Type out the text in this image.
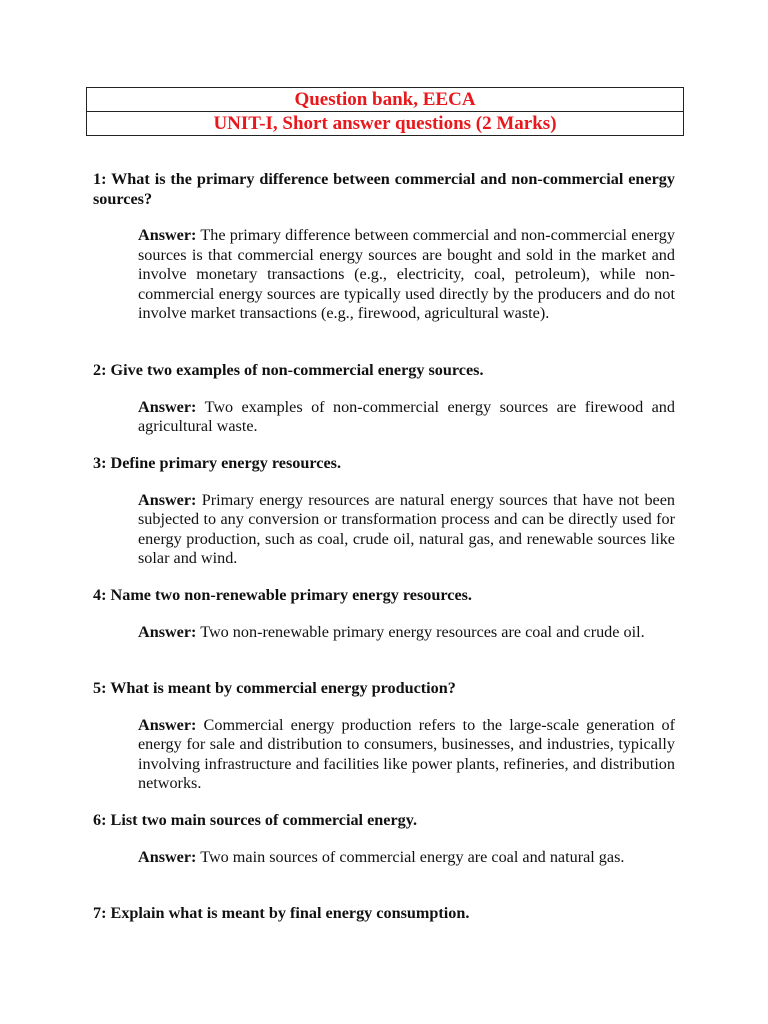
Question bank, EECA
UNIT-I, Short answer questions (2 Marks)

1: What is the primary difference between commercial and non-commercial energy sources?

Answer: The primary difference between commercial and non-commercial energy sources is that commercial energy sources are bought and sold in the market and involve monetary transactions (e.g., electricity, coal, petroleum), while non-commercial energy sources are typically used directly by the producers and do not involve market transactions (e.g., firewood, agricultural waste).

2: Give two examples of non-commercial energy sources.

Answer: Two examples of non-commercial energy sources are firewood and agricultural waste.

3: Define primary energy resources.

Answer: Primary energy resources are natural energy sources that have not been subjected to any conversion or transformation process and can be directly used for energy production, such as coal, crude oil, natural gas, and renewable sources like solar and wind.

4: Name two non-renewable primary energy resources.

Answer: Two non-renewable primary energy resources are coal and crude oil.

5: What is meant by commercial energy production?

Answer: Commercial energy production refers to the large-scale generation of energy for sale and distribution to consumers, businesses, and industries, typically involving infrastructure and facilities like power plants, refineries, and distribution networks.

6: List two main sources of commercial energy.

Answer: Two main sources of commercial energy are coal and natural gas.

7: Explain what is meant by final energy consumption.
